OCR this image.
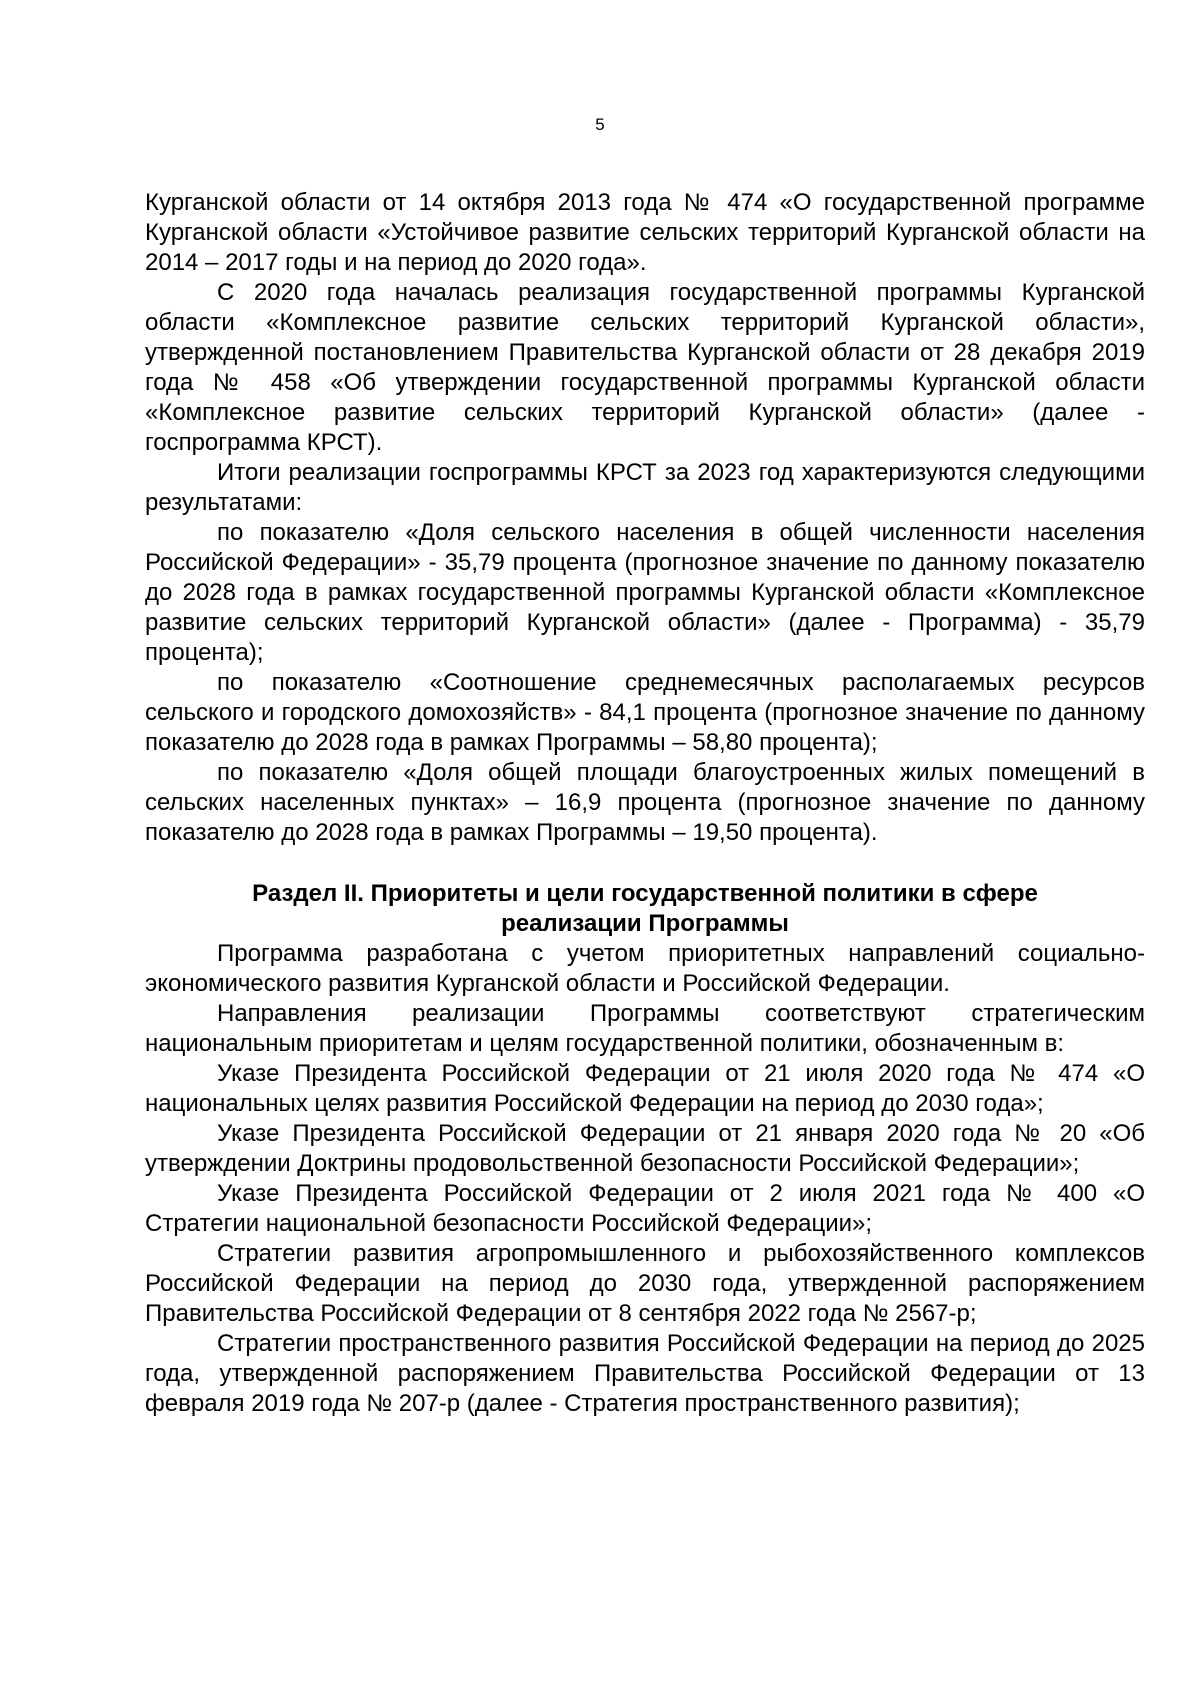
5

Курганской области от 14 октября 2013 года № 474 «О государственной программе Курганской области «Устойчивое развитие сельских территорий Курганской области на 2014 – 2017 годы и на период до 2020 года».

С 2020 года началась реализация государственной программы Курганской области «Комплексное развитие сельских территорий Курганской области», утвержденной постановлением Правительства Курганской области от 28 декабря 2019 года № 458 «Об утверждении государственной программы Курганской области «Комплексное развитие сельских территорий Курганской области» (далее - госпрограмма КРСТ).

Итоги реализации госпрограммы КРСТ за 2023 год характеризуются следующими результатами:

по показателю «Доля сельского населения в общей численности населения Российской Федерации» - 35,79 процента (прогнозное значение по данному показателю до 2028 года в рамках государственной программы Курганской области «Комплексное развитие сельских территорий Курганской области» (далее - Программа) - 35,79 процента);

по показателю «Соотношение среднемесячных располагаемых ресурсов сельского и городского домохозяйств» - 84,1 процента (прогнозное значение по данному показателю до 2028 года в рамках Программы – 58,80 процента);

по показателю «Доля общей площади благоустроенных жилых помещений в сельских населенных пунктах» – 16,9 процента (прогнозное значение по данному показателю до 2028 года в рамках Программы – 19,50 процента).

Раздел II. Приоритеты и цели государственной политики в сфере
реализации Программы

Программа разработана с учетом приоритетных направлений социально-экономического развития Курганской области и Российской Федерации.

Направления реализации Программы соответствуют стратегическим национальным приоритетам и целям государственной политики, обозначенным в:

Указе Президента Российской Федерации от 21 июля 2020 года № 474 «О национальных целях развития Российской Федерации на период до 2030 года»;

Указе Президента Российской Федерации от 21 января 2020 года № 20 «Об утверждении Доктрины продовольственной безопасности Российской Федерации»;

Указе Президента Российской Федерации от 2 июля 2021 года № 400 «О Стратегии национальной безопасности Российской Федерации»;

Стратегии развития агропромышленного и рыбохозяйственного комплексов Российской Федерации на период до 2030 года, утвержденной распоряжением Правительства Российской Федерации от 8 сентября 2022 года № 2567-р;

Стратегии пространственного развития Российской Федерации на период до 2025 года, утвержденной распоряжением Правительства Российской Федерации от 13 февраля 2019 года № 207-р (далее - Стратегия пространственного развития);
